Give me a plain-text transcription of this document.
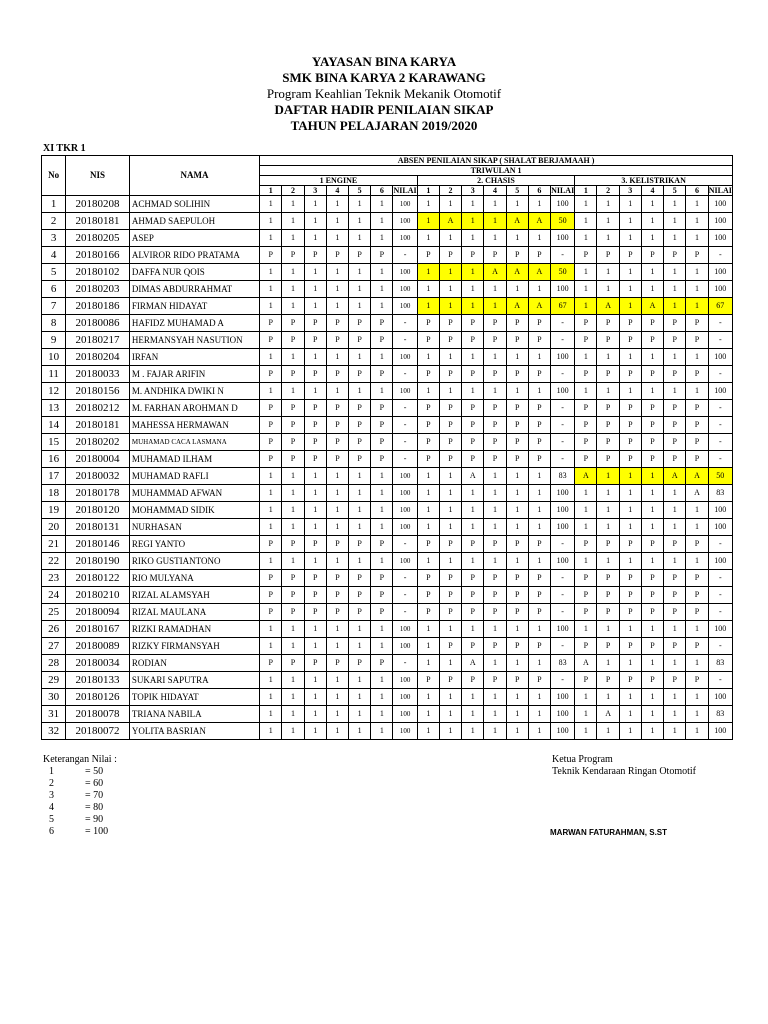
YAYASAN BINA KARYA
SMK BINA KARYA 2 KARAWANG
Program Keahlian Teknik Mekanik Otomotif
DAFTAR HADIR PENILAIAN SIKAP
TAHUN PELAJARAN 2019/2020
XI TKR 1
No	NIS	NAMA	ABSEN PENILAIAN SIKAP ( SHALAT BERJAMAAH )																				
			TRIWULAN 1																				
			1 ENGINE							2. CHASIS							3. KELISTRIKAN						
			1	2	3	4	5	6	NILAI	1	2	3	4	5	6	NILAI	1	2	3	4	5	6	NILAI
1	20180208	ACHMAD SOLIHIN	1	1	1	1	1	1	100	1	1	1	1	1	1	100	1	1	1	1	1	1	100
2	20180181	AHMAD SAEPULOH	1	1	1	1	1	1	100	1	A	1	1	A	A	50	1	1	1	1	1	1	100
3	20180205	ASEP	1	1	1	1	1	1	100	1	1	1	1	1	1	100	1	1	1	1	1	1	100
4	20180166	ALVIROR RIDO PRATAMA	P	P	P	P	P	P	-	P	P	P	P	P	P	-	P	P	P	P	P	P	-
5	20180102	DAFFA NUR QOIS	1	1	1	1	1	1	100	1	1	1	A	A	A	50	1	1	1	1	1	1	100
6	20180203	DIMAS ABDURRAHMAT	1	1	1	1	1	1	100	1	1	1	1	1	1	100	1	1	1	1	1	1	100
7	20180186	FIRMAN HIDAYAT	1	1	1	1	1	1	100	1	1	1	1	A	A	67	1	A	1	A	1	1	67
8	20180086	HAFIDZ MUHAMAD A	P	P	P	P	P	P	-	P	P	P	P	P	P	-	P	P	P	P	P	P	-
9	20180217	HERMANSYAH NASUTION	P	P	P	P	P	P	-	P	P	P	P	P	P	-	P	P	P	P	P	P	-
10	20180204	IRFAN	1	1	1	1	1	1	100	1	1	1	1	1	1	100	1	1	1	1	1	1	100
11	20180033	M . FAJAR ARIFIN	P	P	P	P	P	P	-	P	P	P	P	P	P	-	P	P	P	P	P	P	-
12	20180156	M. ANDHIKA DWIKI N	1	1	1	1	1	1	100	1	1	1	1	1	1	100	1	1	1	1	1	1	100
13	20180212	M. FARHAN AROHMAN D	P	P	P	P	P	P	-	P	P	P	P	P	P	-	P	P	P	P	P	P	-
14	20180181	MAHESSA HERMAWAN	P	P	P	P	P	P	-	P	P	P	P	P	P	-	P	P	P	P	P	P	-
15	20180202	MUHAMAD CACA LASMANA	P	P	P	P	P	P	-	P	P	P	P	P	P	-	P	P	P	P	P	P	-
16	20180004	MUHAMAD ILHAM	P	P	P	P	P	P	-	P	P	P	P	P	P	-	P	P	P	P	P	P	-
17	20180032	MUHAMAD RAFLI	1	1	1	1	1	1	100	1	1	A	1	1	1	83	A	1	1	1	A	A	50
18	20180178	MUHAMMAD AFWAN	1	1	1	1	1	1	100	1	1	1	1	1	1	100	1	1	1	1	1	A	83
19	20180120	MOHAMMAD SIDIK	1	1	1	1	1	1	100	1	1	1	1	1	1	100	1	1	1	1	1	1	100
20	20180131	NURHASAN	1	1	1	1	1	1	100	1	1	1	1	1	1	100	1	1	1	1	1	1	100
21	20180146	REGI YANTO	P	P	P	P	P	P	-	P	P	P	P	P	P	-	P	P	P	P	P	P	-
22	20180190	RIKO GUSTIANTONO	1	1	1	1	1	1	100	1	1	1	1	1	1	100	1	1	1	1	1	1	100
23	20180122	RIO MULYANA	P	P	P	P	P	P	-	P	P	P	P	P	P	-	P	P	P	P	P	P	-
24	20180210	RIZAL ALAMSYAH	P	P	P	P	P	P	-	P	P	P	P	P	P	-	P	P	P	P	P	P	-
25	20180094	RIZAL MAULANA	P	P	P	P	P	P	-	P	P	P	P	P	P	-	P	P	P	P	P	P	-
26	20180167	RIZKI RAMADHAN	1	1	1	1	1	1	100	1	1	1	1	1	1	100	1	1	1	1	1	1	100
27	20180089	RIZKY FIRMANSYAH	1	1	1	1	1	1	100	1	P	P	P	P	P	-	P	P	P	P	P	P	-
28	20180034	RODIAN	P	P	P	P	P	P	-	1	1	A	1	1	1	83	A	1	1	1	1	1	83
29	20180133	SUKARI SAPUTRA	1	1	1	1	1	1	100	P	P	P	P	P	P	-	P	P	P	P	P	P	-
30	20180126	TOPIK HIDAYAT	1	1	1	1	1	1	100	1	1	1	1	1	1	100	1	1	1	1	1	1	100
31	20180078	TRIANA NABILA	1	1	1	1	1	1	100	1	1	1	1	1	1	100	1	A	1	1	1	1	83
32	20180072	YOLITA BASRIAN	1	1	1	1	1	1	100	1	1	1	1	1	1	100	1	1	1	1	1	1	100
Keterangan Nilai :
1	= 50
2	= 60
3	= 70
4	= 80
5	= 90
6	= 100
Ketua Program
Teknik Kendaraan Ringan Otomotif
MARWAN FATURAHMAN, S.ST
